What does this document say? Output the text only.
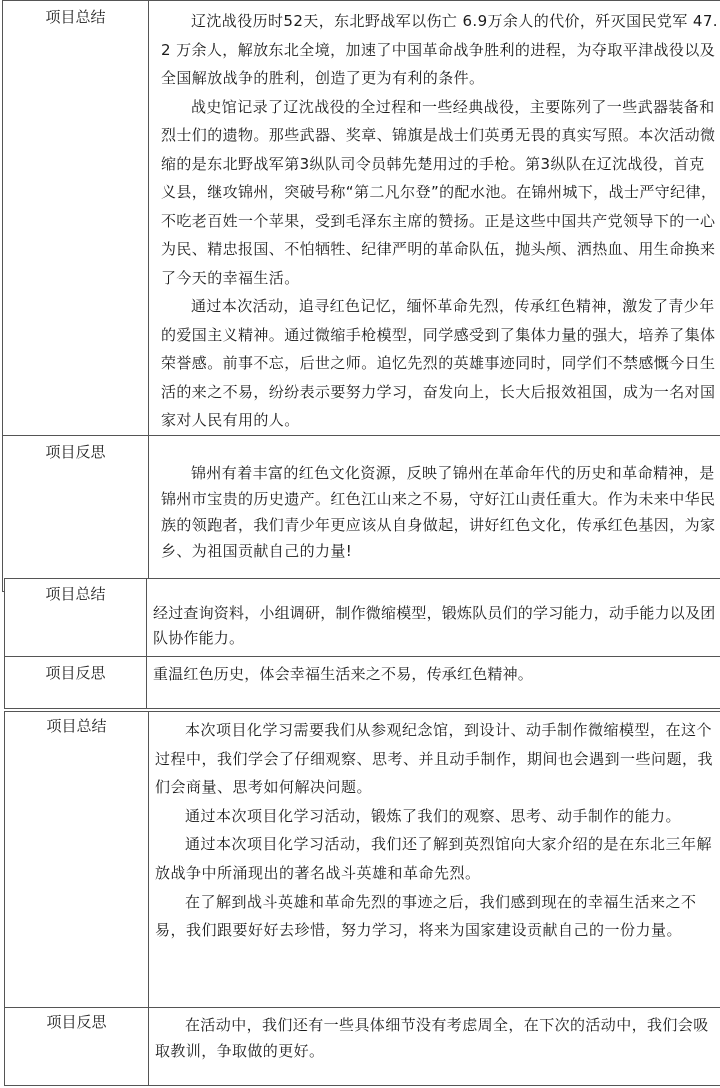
项目总结	辽沈战役历时52天，东北野战军以伤亡 6.9万余人的代价，歼灭国民党军 47.2 万余人，解放东北全境，加速了中国革命战争胜利的进程，为夺取平津战役以及全国解放战争的胜利，创造了更为有利的条件。

战史馆记录了辽沈战役的全过程和一些经典战役，主要陈列了一些武器装备和烈士们的遗物。那些武器、奖章、锦旗是战士们英勇无畏的真实写照。本次活动微缩的是东北野战军第3纵队司令员韩先楚用过的手枪。第3纵队在辽沈战役，首克义县，继攻锦州，突破号称“第二凡尔登”的配水池。在锦州城下，战士严守纪律，不吃老百姓一个苹果，受到毛泽东主席的赞扬。正是这些中国共产党领导下的一心为民、精忠报国、不怕牺牲、纪律严明的革命队伍，抛头颅、洒热血、用生命换来了今天的幸福生活。

通过本次活动，追寻红色记忆，缅怀革命先烈，传承红色精神，激发了青少年的爱国主义精神。通过微缩手枪模型，同学感受到了集体力量的强大，培养了集体荣誉感。前事不忘，后世之师。追忆先烈的英雄事迹同时，同学们不禁感慨今日生活的来之不易，纷纷表示要努力学习，奋发向上，长大后报效祖国，成为一名对国家对人民有用的人。

项目反思	锦州有着丰富的红色文化资源，反映了锦州在革命年代的历史和革命精神，是锦州市宝贵的历史遗产。红色江山来之不易，守好江山责任重大。作为未来中华民族的领跑者，我们青少年更应该从自身做起，讲好红色文化，传承红色基因，为家乡、为祖国贡献自己的力量!

项目总结	经过查询资料，小组调研，制作微缩模型，锻炼队员们的学习能力，动手能力以及团队协作能力。

项目反思	重温红色历史，体会幸福生活来之不易，传承红色精神。

项目总结	本次项目化学习需要我们从参观纪念馆，到设计、动手制作微缩模型，在这个过程中，我们学会了仔细观察、思考、并且动手制作，期间也会遇到一些问题，我们会商量、思考如何解决问题。

通过本次项目化学习活动，锻炼了我们的观察、思考、动手制作的能力。

通过本次项目化学习活动，我们还了解到英烈馆向大家介绍的是在东北三年解放战争中所涌现出的著名战斗英雄和革命先烈。

在了解到战斗英雄和革命先烈的事迹之后，我们感到现在的幸福生活来之不易，我们跟要好好去珍惜，努力学习，将来为国家建设贡献自己的一份力量。

项目反思	在活动中，我们还有一些具体细节没有考虑周全，在下次的活动中，我们会吸取教训，争取做的更好。
